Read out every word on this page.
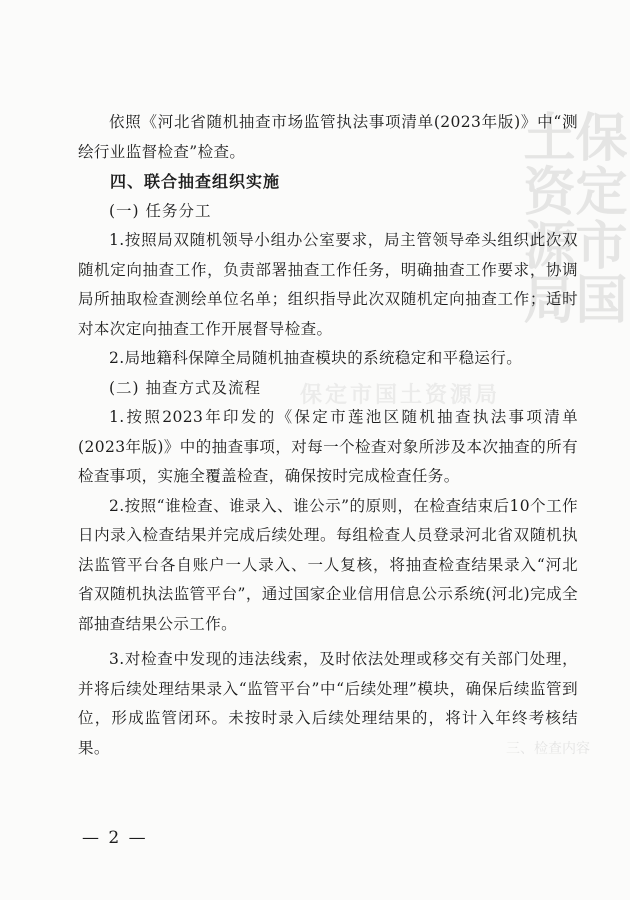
保定市国土资源局
保定市国土资源局
三、检查内容

依照《河北省随机抽查市场监管执法事项清单(2023年版)》中“测绘行业监督检查”检查。

四、联合抽查组织实施

(一) 任务分工

1.按照局双随机领导小组办公室要求，局主管领导牵头组织此次双随机定向抽查工作，负责部署抽查工作任务，明确抽查工作要求，协调局所抽取检查测绘单位名单；组织指导此次双随机定向抽查工作；适时对本次定向抽查工作开展督导检查。

2.局地籍科保障全局随机抽查模块的系统稳定和平稳运行。

(二) 抽查方式及流程

1.按照2023年印发的《保定市莲池区随机抽查执法事项清单(2023年版)》中的抽查事项，对每一个检查对象所涉及本次抽查的所有检查事项，实施全覆盖检查，确保按时完成检查任务。

2.按照“谁检查、谁录入、谁公示”的原则，在检查结束后10个工作日内录入检查结果并完成后续处理。每组检查人员登录河北省双随机执法监管平台各自账户一人录入、一人复核，将抽查检查结果录入“河北省双随机执法监管平台”，通过国家企业信用信息公示系统(河北)完成全部抽查结果公示工作。

3.对检查中发现的违法线索，及时依法处理或移交有关部门处理，并将后续处理结果录入“监管平台”中“后续处理”模块，确保后续监管到位，形成监管闭环。未按时录入后续处理结果的，将计入年终考核结果。

— 2 —
